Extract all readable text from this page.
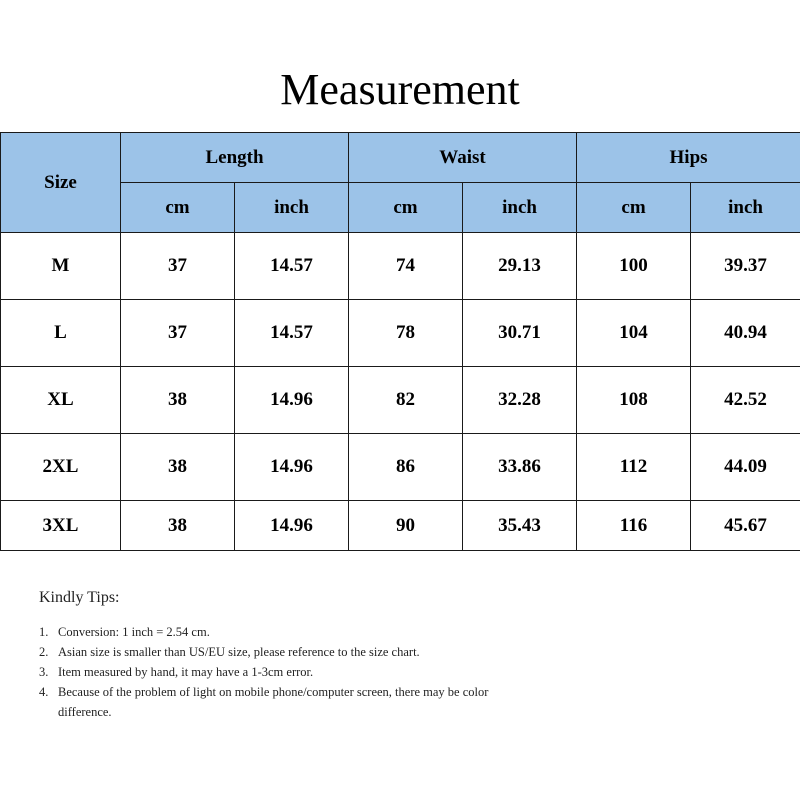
Measurement
Size	Length		Waist		Hips	
	cm	inch	cm	inch	cm	inch
M	37	14.57	74	29.13	100	39.37
L	37	14.57	78	30.71	104	40.94
XL	38	14.96	82	32.28	108	42.52
2XL	38	14.96	86	33.86	112	44.09
3XL	38	14.96	90	35.43	116	45.67
Kindly Tips:
1. Conversion: 1 inch = 2.54 cm.
2. Asian size is smaller than US/EU size, please reference to the size chart.
3. Item measured by hand, it may have a 1-3cm error.
4. Because of the problem of light on mobile phone/computer screen, there may be color difference.
